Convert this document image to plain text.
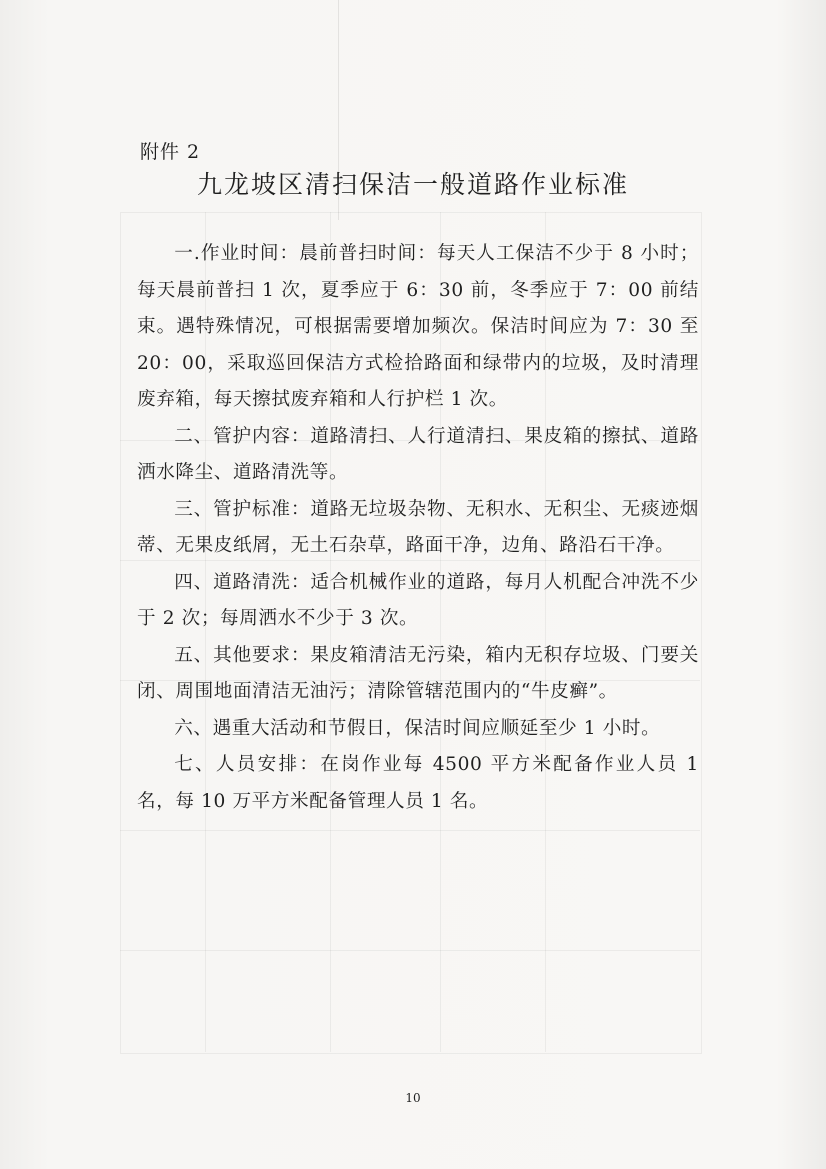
附件 2
九龙坡区清扫保洁一般道路作业标准

一.作业时间：晨前普扫时间：每天人工保洁不少于 8 小时；每天晨前普扫 1 次，夏季应于 6：30 前，冬季应于 7：00 前结束。遇特殊情况，可根据需要增加频次。保洁时间应为 7：30 至 20：00，采取巡回保洁方式检拾路面和绿带内的垃圾，及时清理废弃箱，每天擦拭废弃箱和人行护栏 1 次。

二、管护内容：道路清扫、人行道清扫、果皮箱的擦拭、道路洒水降尘、道路清洗等。

三、管护标准：道路无垃圾杂物、无积水、无积尘、无痰迹烟蒂、无果皮纸屑，无土石杂草，路面干净，边角、路沿石干净。

四、道路清洗：适合机械作业的道路，每月人机配合冲洗不少于 2 次；每周洒水不少于 3 次。

五、其他要求：果皮箱清洁无污染，箱内无积存垃圾、门要关闭、周围地面清洁无油污；清除管辖范围内的“牛皮癣”。

六、遇重大活动和节假日，保洁时间应顺延至少 1 小时。

七、人员安排：在岗作业每 4500 平方米配备作业人员 1 名，每 10 万平方米配备管理人员 1 名。

10
